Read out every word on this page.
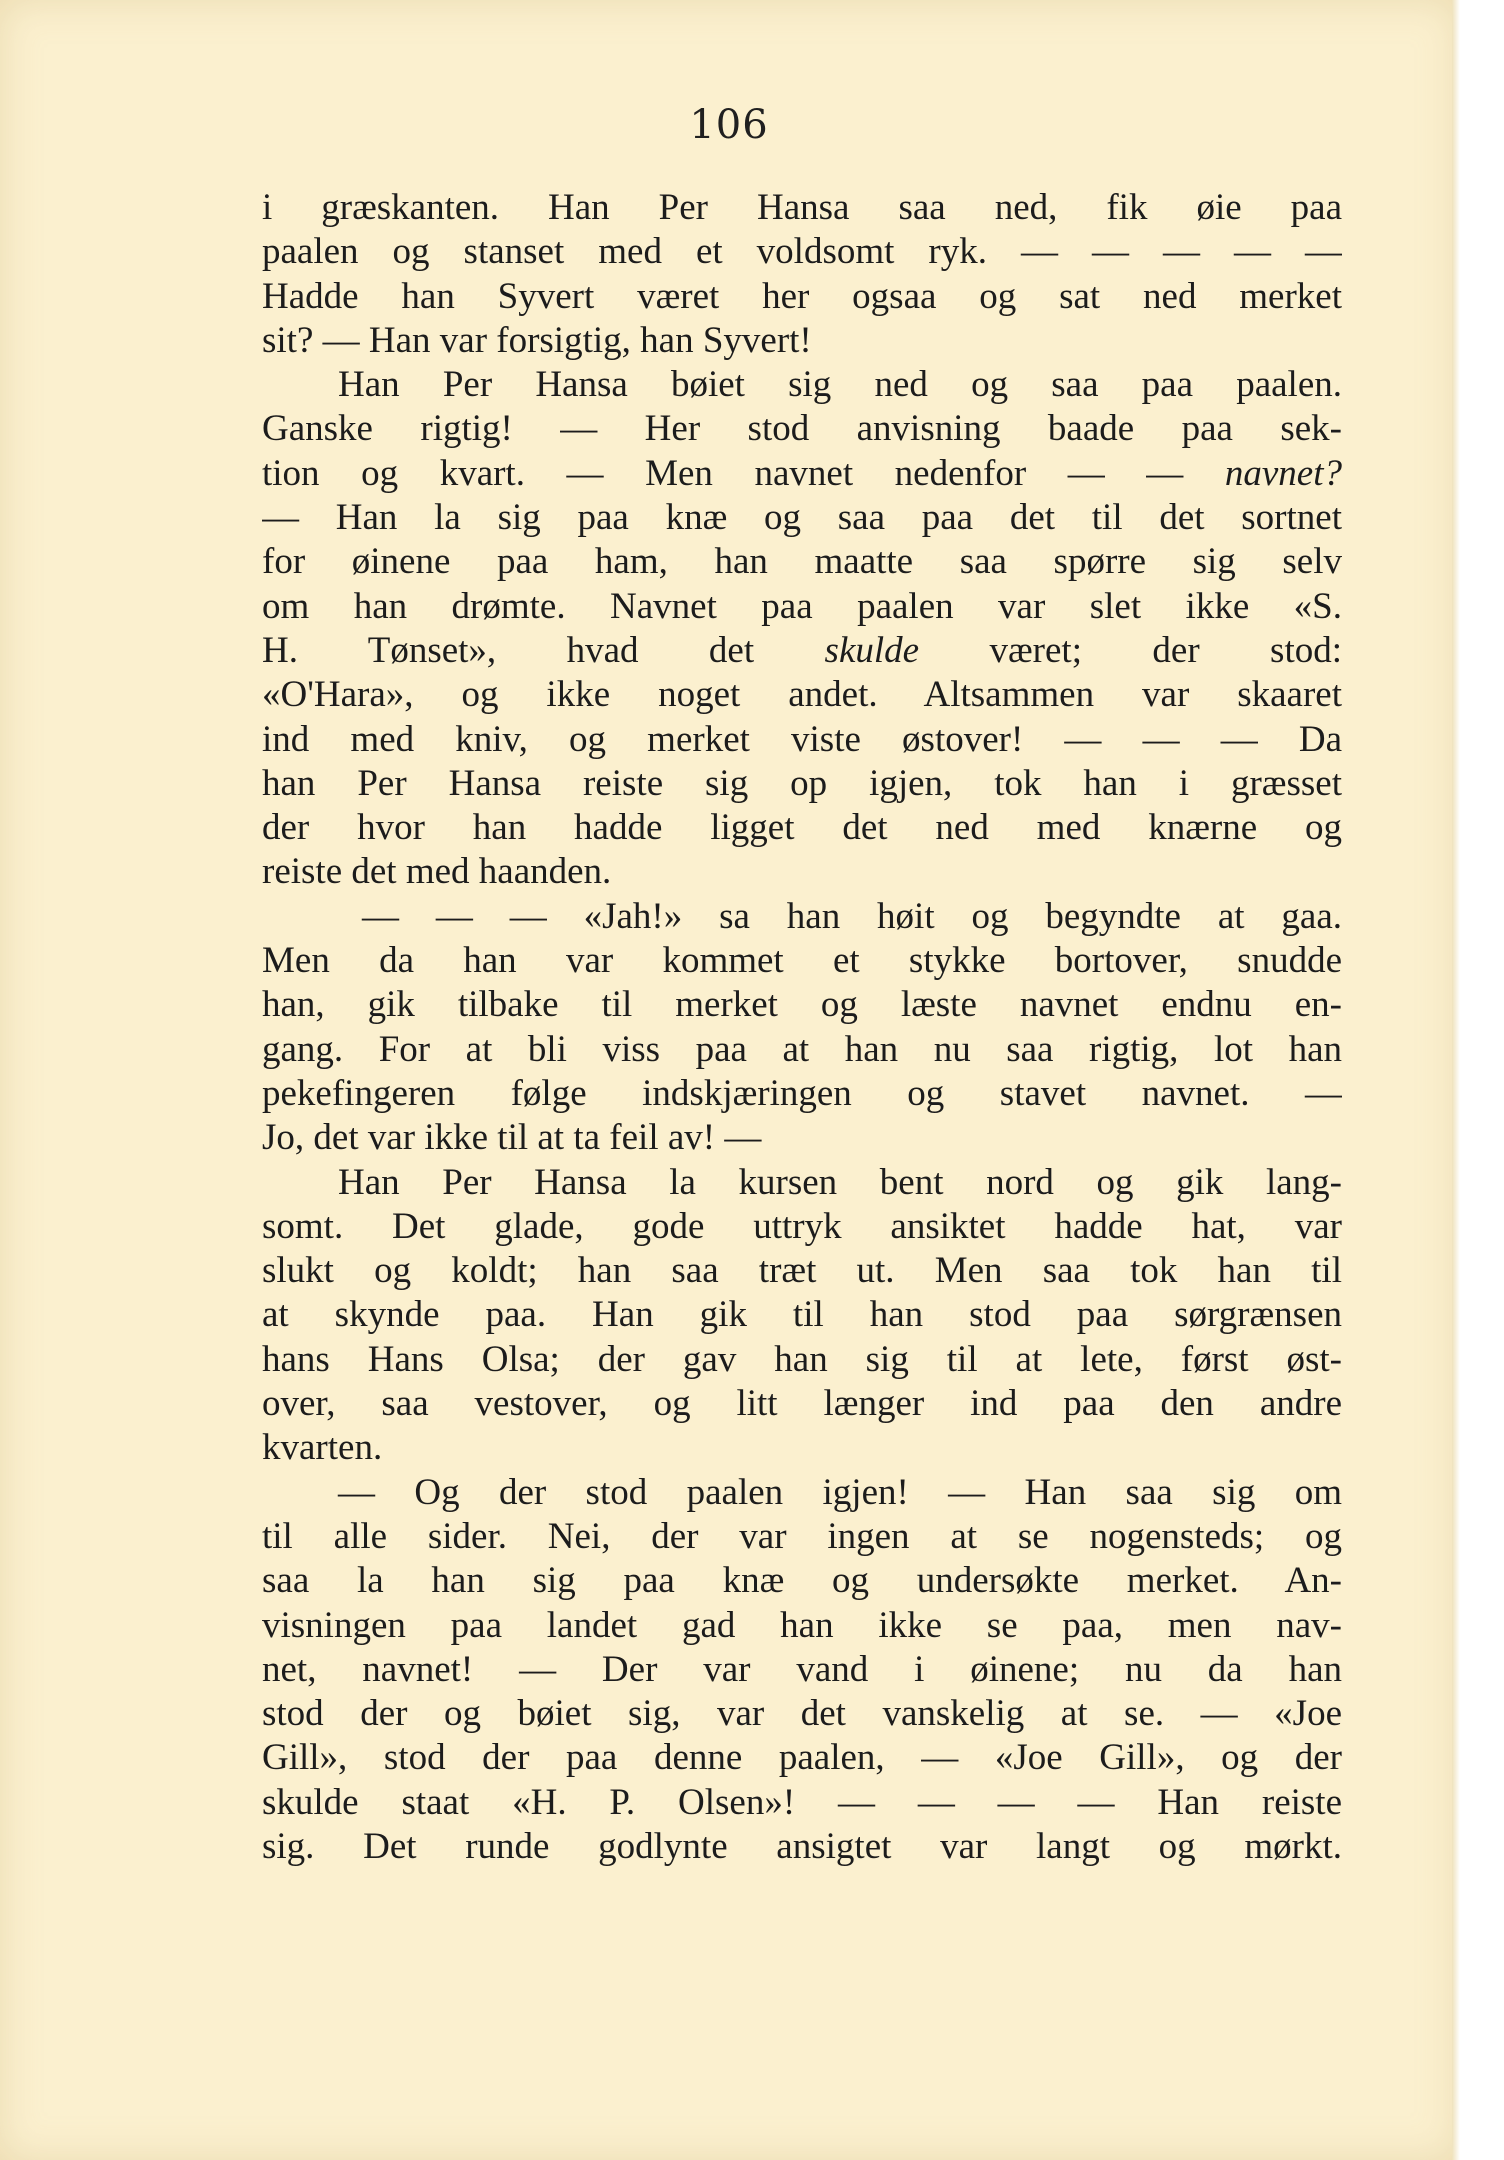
106
i græskanten. Han Per Hansa saa ned, fik øie paa
paalen og stanset med et voldsomt ryk. — — — — —
Hadde han Syvert været her ogsaa og sat ned merket
sit? — Han var forsigtig, han Syvert!
Han Per Hansa bøiet sig ned og saa paa paalen.
Ganske rigtig! — Her stod anvisning baade paa sek-
tion og kvart. — Men navnet nedenfor — — navnet?
— Han la sig paa knæ og saa paa det til det sortnet
for øinene paa ham, han maatte saa spørre sig selv
om han drømte. Navnet paa paalen var slet ikke «S.
H. Tønset», hvad det skulde været; der stod:
«O'Hara», og ikke noget andet. Altsammen var skaaret
ind med kniv, og merket viste østover! — — — Da
han Per Hansa reiste sig op igjen, tok han i græsset
der hvor han hadde ligget det ned med knærne og
reiste det med haanden.
— — — «Jah!» sa han høit og begyndte at gaa.
Men da han var kommet et stykke bortover, snudde
han, gik tilbake til merket og læste navnet endnu en-
gang. For at bli viss paa at han nu saa rigtig, lot han
pekefingeren følge indskjæringen og stavet navnet. —
Jo, det var ikke til at ta feil av! —
Han Per Hansa la kursen bent nord og gik lang-
somt. Det glade, gode uttryk ansiktet hadde hat, var
slukt og koldt; han saa træt ut. Men saa tok han til
at skynde paa. Han gik til han stod paa sørgrænsen
hans Hans Olsa; der gav han sig til at lete, først øst-
over, saa vestover, og litt længer ind paa den andre
kvarten.
— Og der stod paalen igjen! — Han saa sig om
til alle sider. Nei, der var ingen at se nogensteds; og
saa la han sig paa knæ og undersøkte merket. An-
visningen paa landet gad han ikke se paa, men nav-
net, navnet! — Der var vand i øinene; nu da han
stod der og bøiet sig, var det vanskelig at se. — «Joe
Gill», stod der paa denne paalen, — «Joe Gill», og der
skulde staat «H. P. Olsen»! — — — — Han reiste
sig. Det runde godlynte ansigtet var langt og mørkt.
